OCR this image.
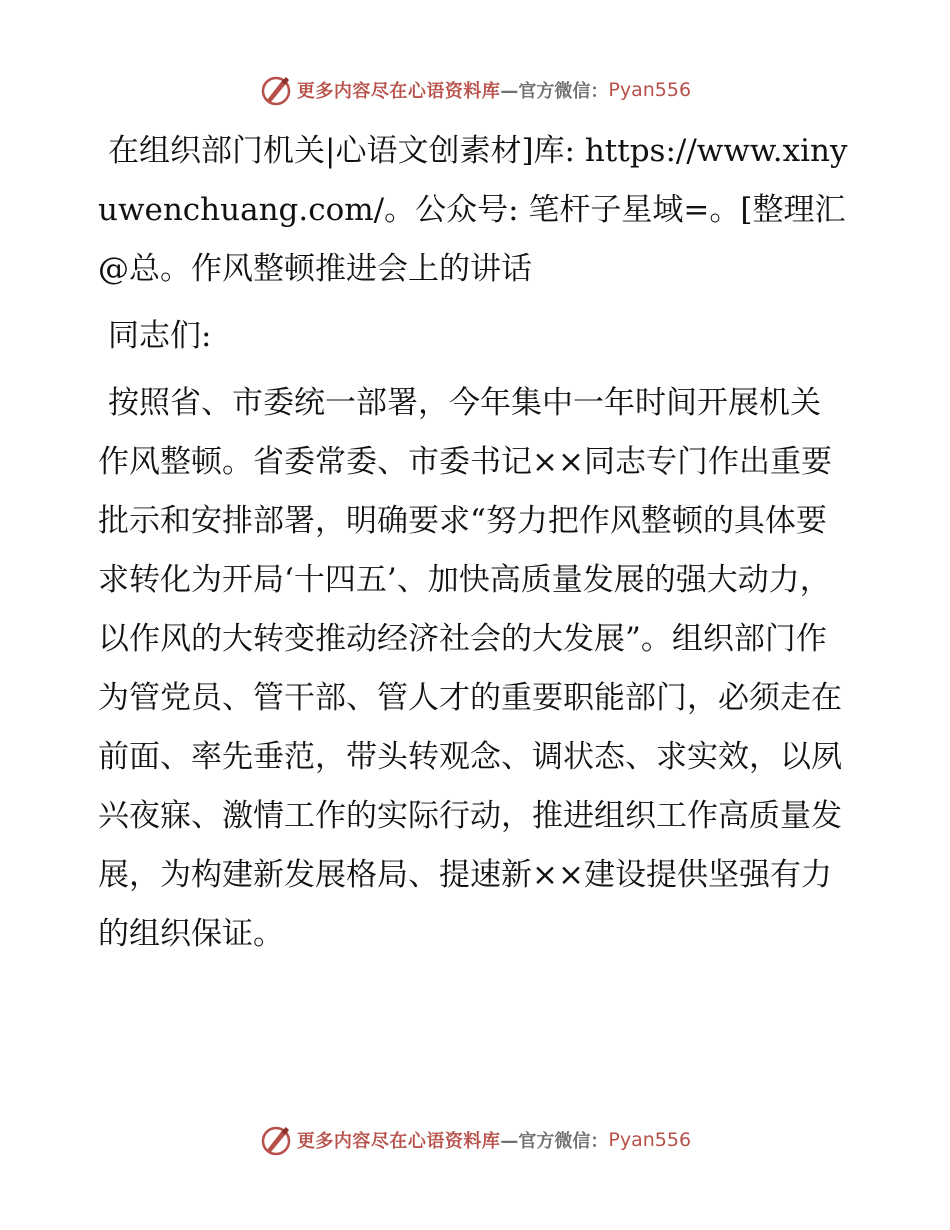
更多内容尽在心语资料库 —官方微信： Pyan556

在组织部门机关|心语文创素材]库: https://www.xinyuwenchuang.com/。公众号: 笔杆子星域=。[整理汇@总。作风整顿推进会上的讲话

同志们:

按照省、市委统一部署，今年集中一年时间开展机关作风整顿。省委常委、市委书记××同志专门作出重要批示和安排部署，明确要求“努力把作风整顿的具体要求转化为开局‘十四五’、加快高质量发展的强大动力，以作风的大转变推动经济社会的大发展”。组织部门作为管党员、管干部、管人才的重要职能部门，必须走在前面、率先垂范，带头转观念、调状态、求实效，以夙兴夜寐、激情工作的实际行动，推进组织工作高质量发展，为构建新发展格局、提速新××建设提供坚强有力的组织保证。

更多内容尽在心语资料库 —官方微信： Pyan556
